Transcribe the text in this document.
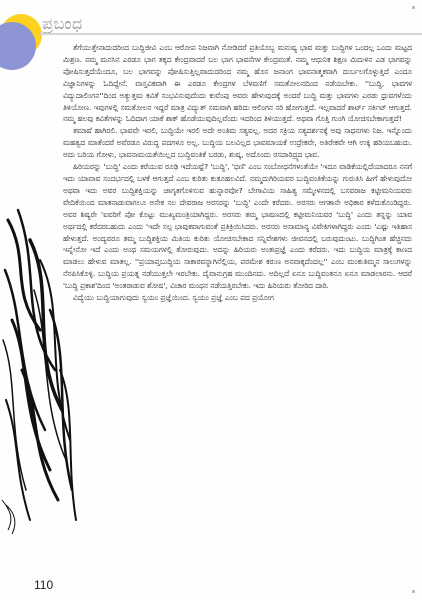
ಪ್ರಬಂಧ

ತೆಗೆಯುತ್ತೇನಾದುದರಿಂದ ಬುದ್ಧಿಜೀವಿ ಎಂಬ ಆರೋಪ ನಿಜವಾಗಿ ನೋಡಿದರೆ ಪ್ರತಿಯೊಬ್ಬ ಮನುಷ್ಯ ಭಾವ ಮತ್ತು ಬುದ್ಧಿಗಳ ಒಂದಲ್ಲ ಒಂದು ಮಟ್ಟದ ಮಿಶ್ರಣ. ನಮ್ಮ ಮನಸಿನ ಎರಡೂ ಭಾಗ ತಕ್ಕದ ಕೇಂದ್ರವಾದರೆ ಬಲ ಭಾಗ ಭಾವನೆಗಳ ಕೇಂದ್ರವಂತೆ. ನಮ್ಮ ಆಧುನಿಕ ಶಿಕ್ಷಣ ಮಿದುಳಿನ ಎಡ ಭಾಗವನ್ನು ಪೋಷಿಸುತ್ತದೆಯೆಂದೂ, ಬಲ ಭಾಗವನ್ನು ಪೋಷಿಸುತ್ತಿಲ್ಲವಾದುದರಿಂದ ನಮ್ಮ ಹೊಸ ಜನಾಂಗ ಭಾವನಾತ್ಮಕವಾಗಿ ದುರ್ಬಲಗೊಳ್ಳುತ್ತಿದೆ ಎಂದೂ ವಿಜ್ಞಾನಿಗಳನ್ನು ಓದಿದ್ದೇನೆ. ವಾಸ್ತವಿಕವಾಗಿ ಈ ಎರಡೂ ಕೇಂದ್ರಗಳ ಬೆಳವಣಿಗೆ ಸಮತೋಲನದಿಂದ ನಡೆಯಬೇಕು. ''ಬುದ್ಧಿ, ಭಾವಗಳ ವಿದ್ಯುದಾಲಿಂಗನ''ದಿಂದ ಅತ್ಯುತ್ತಮ ಕವಿತೆ ಸಂಭವಿಸುವುದೆಂದು ಕುವೆಂಪು ಅವರು ಹೇಳುವುದಕ್ಕೆ ಅಂದರೆ ಬುದ್ಧಿ ಮತ್ತು ಭಾವಗಳು ಎರಡು ಧ್ರುವಗಳೆಂದು ತಿಳಿಯೋಣ. ಇವುಗಳಲ್ಲಿ ಸಮತೋಲನ ಇದ್ದರೆ ಮಾತ್ರ ವಿದ್ಯುತ್ ಸಮವಾಗಿ ಹರಿದು ಆಲಿಂಗನ ಸರಿ ಹೋಗುತ್ತದೆ. ಇಲ್ಲವಾದರೆ ಶಾರ್ಟ್ ಸರ್ಕಿಟ್ ಆಗುತ್ತದೆ. ನಮ್ಮ ಹಲವು ಕವಿತೆಗಳನ್ನು ಓದಿದಾಗ ಯಾಕೆ ಶಾಕ್ ಹೊಡೆಯುವುದಿಲ್ಲವೆಂದು ಇದರಿಂದ ತಿಳಿಯುತ್ತದೆ. ಅಥವಾ ಗೊತ್ತಿ ಗುಂಗಿ ಯೋಚಿಸಬೇಕಾಗುತ್ತದೆ!

ತಮಾಷೆ ಹಾಗಿರಲಿ. ಭಾವವೇ ಇರಲಿ, ಬುದ್ಧಿಯೇ ಇರಲಿ ಅದೇ ಅಂತಿಮ ಸತ್ಯವಲ್ಲ. ಅದರ ಸಕ್ರಿಯ ಸತ್ಯದರ್ಶನಕ್ಕೆ ಅವು ಸಾಧನಗಳು ನಿಜ. ಇನ್ನೊಂದು ಮಹತ್ವದ ಮಾತೆಂದರೆ ಅವೆರಡೂ ವಿರುದ್ಧ ಪದಗಳೂ ಅಲ್ಲ. ಬುದ್ಧಿಯ ಬಲವಿಲ್ಲದ ಭಾವಮಾಯಕೆ ಉದ್ರೇಕವೇ, ಅತಿರೇಕವೇ ಆಗಿ ಉಕ್ಕಿ ಹರಿಯಬಹುದು. ಅದು ಬರಿಯ ಗೋಳು, ಭಾವನಾಮಯತೆಯಿಲ್ಲದ ಬುದ್ಧಿವಂತಿಕೆ ಬರಡು, ಶುಷ್ಕ, ಅದೊಂದು ರಸದಾರಿದ್ರ್ಯದ ಭಾವ.

ಹಿರಿಯರನ್ನು 'ಬುದ್ಧಿ' ಎಂದು ಕರೆಯುವ ರೂಢಿ ಇದೆಯಷ್ಟೆ? 'ಬುದ್ಧಿ', 'ಧಣಿ' ಎಂಬ ಸಂಬೋಧನೆಗಳಂತೆಯೇ 'ಇದೂ ವಾಡಿಕೆಯಲ್ಲಿದೆಯಾದರೂ ನನಗೆ ಇದು ಯಾವಾವ ಸಂದರ್ಭದಲ್ಲಿ ಬಳಕೆ ಆಗುತ್ತದೆ ಎಂಬ ಕುರಿತು ಕುತೂಹಲವಿದೆ. ನಮ್ಮದುಗಿರಿಯವರ ಬುದ್ಧಿವಂತಿಕೆಯನ್ನು ಗುರುತಿಸಿ ಹೀಗೆ ಹೇಳುವುದೋ ಅಥವಾ ಇದು ಅವರ ಬುದ್ಧಿಶಕ್ತಿಯನ್ನು ಜಾಗೃತಗೊಳಿಸುವ ಹುನ್ನಾರವೋ? ಬೇಗಾವಿಯ ಸಾಹಿತ್ಯ ಸಮ್ಮೇಳನದಲ್ಲಿ ಬಸವರಾಜ ಕಟ್ಟೀಮನಿಯವರು ವೇದಿಕೆಯಿಂದ ಮಾತನಾಡುವಾಗಲೂ ಅನೇಕ ಸಲ ದೇವರಾಜ ಅರಸರನ್ನು 'ಬುದ್ಧಿ' ಎಂದೇ ಕರೆದರು. ಅರಸರು ಆಗತಾನೇ ಅಧಿಕಾರ ಕಳೆದುಕೊಂಡಿದ್ದರು. ಅವರ ಶಿಷ್ಯರೇ 'ಐವರಿಗೆ ಪೋ ಕೊಟ್ಟು ಮುಖ್ಯಮಂತ್ರಿಯಾಗಿದ್ದರು. ಅರಸರು ತಮ್ಮ ಭಾಷಣದಲ್ಲಿ ಕಟ್ಟೀಮನಿಯವರ 'ಬುದ್ಧಿ' ಎಂದು ತನ್ನನ್ನು ಯಾವ ಅರ್ಥದಲ್ಲಿ ಕರೆದರಬಹುದು ಎಂದು 'ಇದೇ ಸಲ್ಪ ಭಾವುಕವಾಗುವಂತೆ ಪ್ರತಿಕ್ರಿಯಿಸಿದರು. ಅರಸರು ಅಸಾಮಾನ್ಯ ವಿವೇಕಿಗಳಾಗಿದ್ದರು ಎಂದು 'ಎಷ್ಟು ಇತಿಹಾಸ ಹೇಳುತ್ತದೆ. ಅಂದ್ಯವರೂ ತಮ್ಮ ಬುದ್ಧಿಶಕ್ತಿಯ ಮಿತಿಯ ಕುರಿತು ಯೋಚಿಸಬೇಕಾದ ಸನ್ನಿವೇಶಗಳು ಜೀವನದಲ್ಲಿ ಬರುವುದುಂಟು. ಬುದ್ಧಿಗಿಂತ ಹೆಚ್ಚಿನದು ಇನ್ನೇನೋ ಇದೆ ಎಂದು ಅಂಥ ಸಮಯಗಳಲ್ಲಿ ತೋರುವುದು. ಅದನ್ನು ಹಿರಿಯರು ಅಂತಃಪ್ರಜ್ಞೆ ಎಂದು ಕರೆದರು. ಇದು ಬುದ್ಧಿಯ ಮಾತ್ರಕ್ಕೆ ಕಾಣದ ಮಾಡಲು ಹೇಳುವ ಮಾತಲ್ಲ. ''ಪ್ರಯಾಪ್ತಬುದ್ಧಿಯ ಸಾಕಾರವನ್ನಾಗಿನೆಲ್ಲಿಯ, ಪರಮೇಶ ಕರುಣ ಅನವಾಕ್ಕದೆಂದಲ್ಲ'' ಎಂಬ ಮಂಕುತಿಮ್ಮನ ಸಾಲುಗಳನ್ನು ನೆನಪಿಸಿಕೊಳ್ಳಿ. ಬುದ್ಧಿಯ ಪ್ರಯತ್ನ ನಡೆಯುತ್ತಲೇ ಇರಬೇಕು. ದೈವಾನುಗ್ರಹ ಮುಂದಿನದು. ಅದಿಲ್ಲದೆ ಏನೂ ಬುದ್ಧಿವಂತನೂ ಏನೂ ಮಾಡಲಾರನು. ಆದರೆ 'ಬುದ್ಧಿ ಪ್ರಕಾಶ'ದಿಂದ 'ಅಂತರಾಡುವ ಶೋಷ', ವಿಚಾರ ಮಂಥನ ನಡೆಯತ್ತಿರಬೇಕು. ಇದು ಹಿರಿಯರು ತೋರಿದ ದಾರಿ.

ವಿದ್ಯೆಯು ಬುದ್ಧಿಯಾಗುವುದು ಸ್ವಯಂ ಪ್ರಜ್ಞೆಯಿಂದ. ಸ್ವಯಂ ಪ್ರಜ್ಞೆ ಎಂಬ ಪದ ಪ್ರಯೋಗ

110
